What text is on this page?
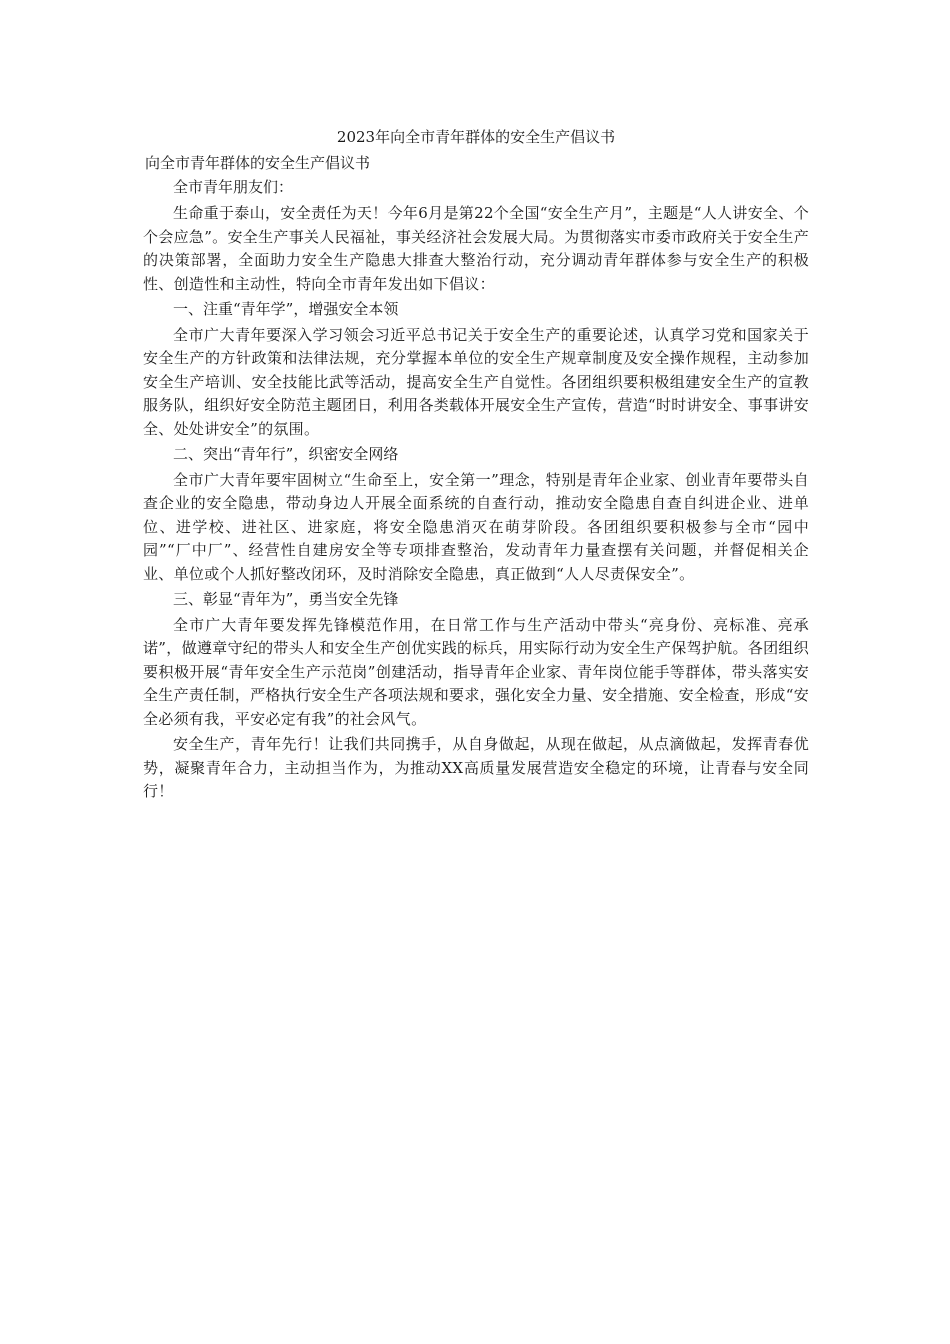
2023年向全市青年群体的安全生产倡议书

向全市青年群体的安全生产倡议书

全市青年朋友们：

生命重于泰山，安全责任为天！今年6月是第22个全国“安全生产月”，主题是“人人讲安全、个个会应急”。安全生产事关人民福祉，事关经济社会发展大局。为贯彻落实市委市政府关于安全生产的决策部署，全面助力安全生产隐患大排查大整治行动，充分调动青年群体参与安全生产的积极性、创造性和主动性，特向全市青年发出如下倡议：

一、注重“青年学”，增强安全本领

全市广大青年要深入学习领会习近平总书记关于安全生产的重要论述，认真学习党和国家关于安全生产的方针政策和法律法规，充分掌握本单位的安全生产规章制度及安全操作规程，主动参加安全生产培训、安全技能比武等活动，提高安全生产自觉性。各团组织要积极组建安全生产的宣教服务队，组织好安全防范主题团日，利用各类载体开展安全生产宣传，营造“时时讲安全、事事讲安全、处处讲安全”的氛围。

二、突出“青年行”，织密安全网络

全市广大青年要牢固树立“生命至上，安全第一”理念，特别是青年企业家、创业青年要带头自查企业的安全隐患，带动身边人开展全面系统的自查行动，推动安全隐患自查自纠进企业、进单位、进学校、进社区、进家庭，将安全隐患消灭在萌芽阶段。各团组织要积极参与全市“园中园”“厂中厂”、经营性自建房安全等专项排查整治，发动青年力量查摆有关问题，并督促相关企业、单位或个人抓好整改闭环，及时消除安全隐患，真正做到“人人尽责保安全”。

三、彰显“青年为”，勇当安全先锋

全市广大青年要发挥先锋模范作用，在日常工作与生产活动中带头“亮身份、亮标准、亮承诺”，做遵章守纪的带头人和安全生产创优实践的标兵，用实际行动为安全生产保驾护航。各团组织要积极开展“青年安全生产示范岗”创建活动，指导青年企业家、青年岗位能手等群体，带头落实安全生产责任制，严格执行安全生产各项法规和要求，强化安全力量、安全措施、安全检查，形成“安全必须有我，平安必定有我”的社会风气。

安全生产，青年先行！让我们共同携手，从自身做起，从现在做起，从点滴做起，发挥青春优势，凝聚青年合力，主动担当作为，为推动XX高质量发展营造安全稳定的环境，让青春与安全同行！
